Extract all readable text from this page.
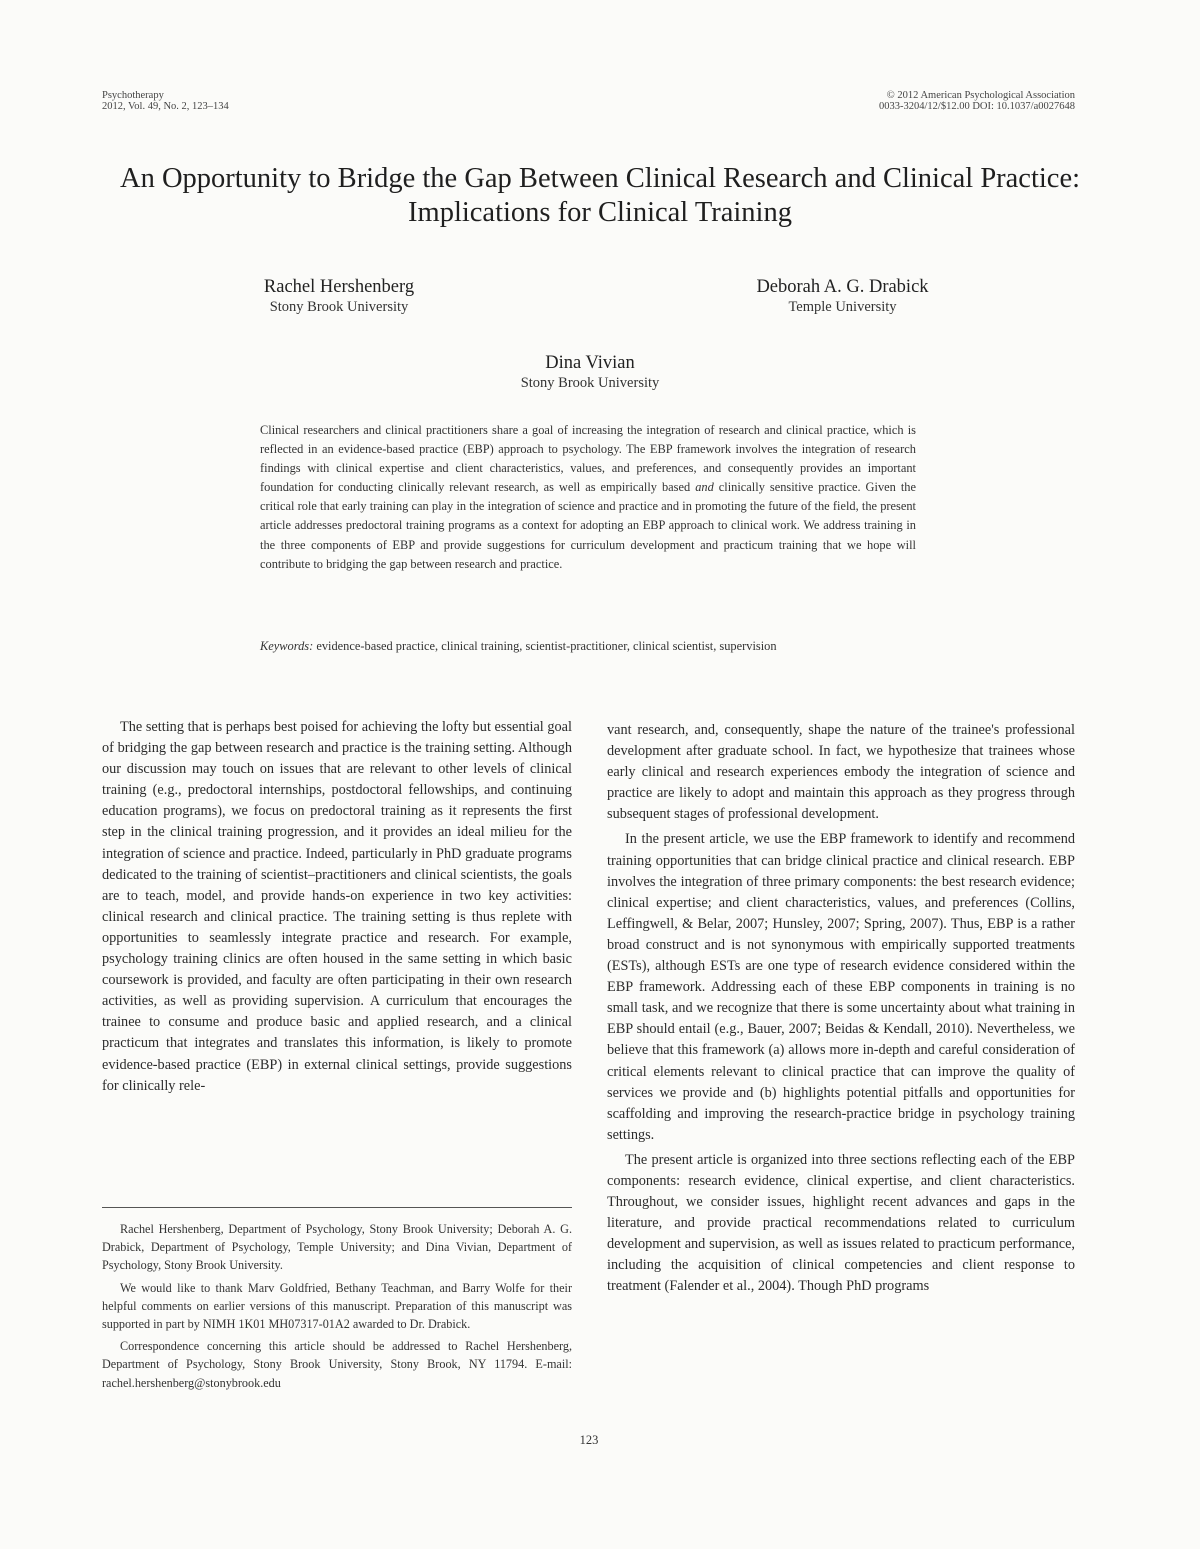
Psychotherapy
2012, Vol. 49, No. 2, 123–134
© 2012 American Psychological Association
0033-3204/12/$12.00 DOI: 10.1037/a0027648
An Opportunity to Bridge the Gap Between Clinical Research and Clinical Practice: Implications for Clinical Training
Rachel Hershenberg
Stony Brook University
Deborah A. G. Drabick
Temple University
Dina Vivian
Stony Brook University
Clinical researchers and clinical practitioners share a goal of increasing the integration of research and clinical practice, which is reflected in an evidence-based practice (EBP) approach to psychology. The EBP framework involves the integration of research findings with clinical expertise and client characteristics, values, and preferences, and consequently provides an important foundation for conducting clinically relevant research, as well as empirically based and clinically sensitive practice. Given the critical role that early training can play in the integration of science and practice and in promoting the future of the field, the present article addresses predoctoral training programs as a context for adopting an EBP approach to clinical work. We address training in the three components of EBP and provide suggestions for curriculum development and practicum training that we hope will contribute to bridging the gap between research and practice.
Keywords: evidence-based practice, clinical training, scientist-practitioner, clinical scientist, supervision

The setting that is perhaps best poised for achieving the lofty but essential goal of bridging the gap between research and practice is the training setting. Although our discussion may touch on issues that are relevant to other levels of clinical training (e.g., predoctoral internships, postdoctoral fellowships, and continuing education programs), we focus on predoctoral training as it represents the first step in the clinical training progression, and it provides an ideal milieu for the integration of science and practice. Indeed, particularly in PhD graduate programs dedicated to the training of scientist–practitioners and clinical scientists, the goals are to teach, model, and provide hands-on experience in two key activities: clinical research and clinical practice. The training setting is thus replete with opportunities to seamlessly integrate practice and research. For example, psychology training clinics are often housed in the same setting in which basic coursework is provided, and faculty are often participating in their own research activities, as well as providing supervision. A curriculum that encourages the trainee to consume and produce basic and applied research, and a clinical practicum that integrates and translates this information, is likely to promote evidence-based practice (EBP) in external clinical settings, provide suggestions for clinically rele-

vant research, and, consequently, shape the nature of the trainee's professional development after graduate school. In fact, we hypothesize that trainees whose early clinical and research experiences embody the integration of science and practice are likely to adopt and maintain this approach as they progress through subsequent stages of professional development.

In the present article, we use the EBP framework to identify and recommend training opportunities that can bridge clinical practice and clinical research. EBP involves the integration of three primary components: the best research evidence; clinical expertise; and client characteristics, values, and preferences (Collins, Leffingwell, & Belar, 2007; Hunsley, 2007; Spring, 2007). Thus, EBP is a rather broad construct and is not synonymous with empirically supported treatments (ESTs), although ESTs are one type of research evidence considered within the EBP framework. Addressing each of these EBP components in training is no small task, and we recognize that there is some uncertainty about what training in EBP should entail (e.g., Bauer, 2007; Beidas & Kendall, 2010). Nevertheless, we believe that this framework (a) allows more in-depth and careful consideration of critical elements relevant to clinical practice that can improve the quality of services we provide and (b) highlights potential pitfalls and opportunities for scaffolding and improving the research-practice bridge in psychology training settings.

The present article is organized into three sections reflecting each of the EBP components: research evidence, clinical expertise, and client characteristics. Throughout, we consider issues, highlight recent advances and gaps in the literature, and provide practical recommendations related to curriculum development and supervision, as well as issues related to practicum performance, including the acquisition of clinical competencies and client response to treatment (Falender et al., 2004). Though PhD programs

Rachel Hershenberg, Department of Psychology, Stony Brook University; Deborah A. G. Drabick, Department of Psychology, Temple University; and Dina Vivian, Department of Psychology, Stony Brook University.

We would like to thank Marv Goldfried, Bethany Teachman, and Barry Wolfe for their helpful comments on earlier versions of this manuscript. Preparation of this manuscript was supported in part by NIMH 1K01 MH07317-01A2 awarded to Dr. Drabick.

Correspondence concerning this article should be addressed to Rachel Hershenberg, Department of Psychology, Stony Brook University, Stony Brook, NY 11794. E-mail: rachel.hershenberg@stonybrook.edu

123
